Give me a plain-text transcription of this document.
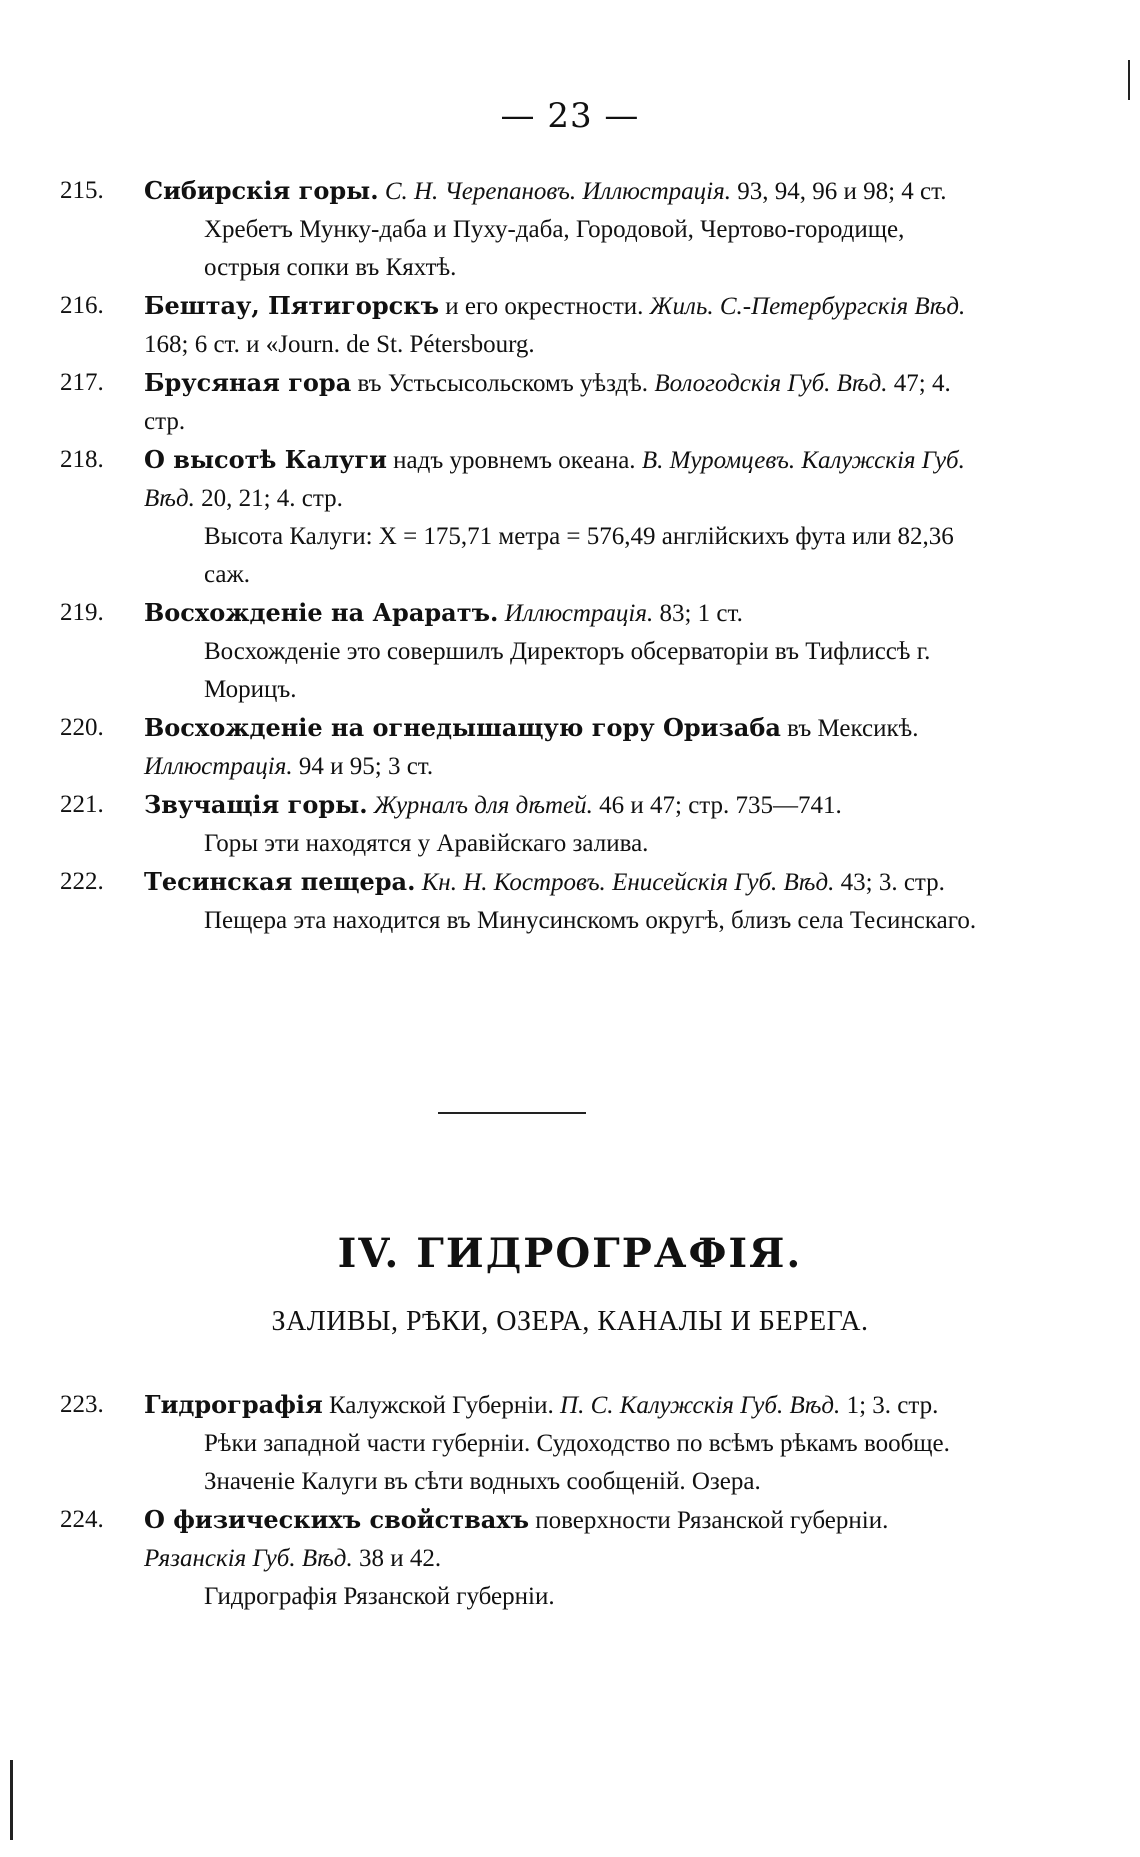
— 23 —
215.	Сибирскія горы. С. Н. Черепановъ. Иллюстрація. 93, 94, 96 и 98; 4 ст.
Хребетъ Мунку-даба и Пуху-даба, Городовой, Чертово-городище, острыя сопки въ Кяхтѣ.
216.	Бештау, Пятигорскъ и его окрестности. Жиль. С.-Петербургскія Вѣд. 168; 6 ст. и «Journ. de St. Pétersbourg.
217.	Брусяная гора въ Устьсысольскомъ уѣздѣ. Вологодскія Губ. Вѣд. 47; 4. стр.
218.	О высотѣ Калуги надъ уровнемъ океана. В. Муромцевъ. Калужскія Губ. Вѣд. 20, 21; 4. стр.
Высота Калуги: X = 175,71 метра = 576,49 англійскихъ фута или 82,36 саж.
219.	Восхожденіе на Араратъ. Иллюстрація. 83; 1 ст.
Восхожденіе это совершилъ Директоръ обсерваторіи въ Тифлиссѣ г. Морицъ.
220.	Восхожденіе на огнедышащую гору Оризаба въ Мексикѣ. Иллюстрація. 94 и 95; 3 ст.
221.	Звучащія горы. Журналъ для дѣтей. 46 и 47; стр. 735—741.
Горы эти находятся у Аравійскаго залива.
222.	Тесинская пещера. Кн. Н. Костровъ. Енисейскія Губ. Вѣд. 43; 3. стр.
Пещера эта находится въ Минусинскомъ округѣ, близъ села Тесинскаго.
IV. ГИДРОГРАФІЯ.
ЗАЛИВЫ, РѢКИ, ОЗЕРА, КАНАЛЫ И БЕРЕГА.
223.	Гидрографія Калужской Губерніи. П. С. Калужскія Губ. Вѣд. 1; 3. стр.
Рѣки западной части губерніи. Судоходство по всѣмъ рѣкамъ вообще. Значеніе Калуги въ сѣти водныхъ сообщеній. Озера.
224.	О физическихъ свойствахъ поверхности Рязанской губерніи. Рязанскія Губ. Вѣд. 38 и 42.
Гидрографія Рязанской губерніи.
